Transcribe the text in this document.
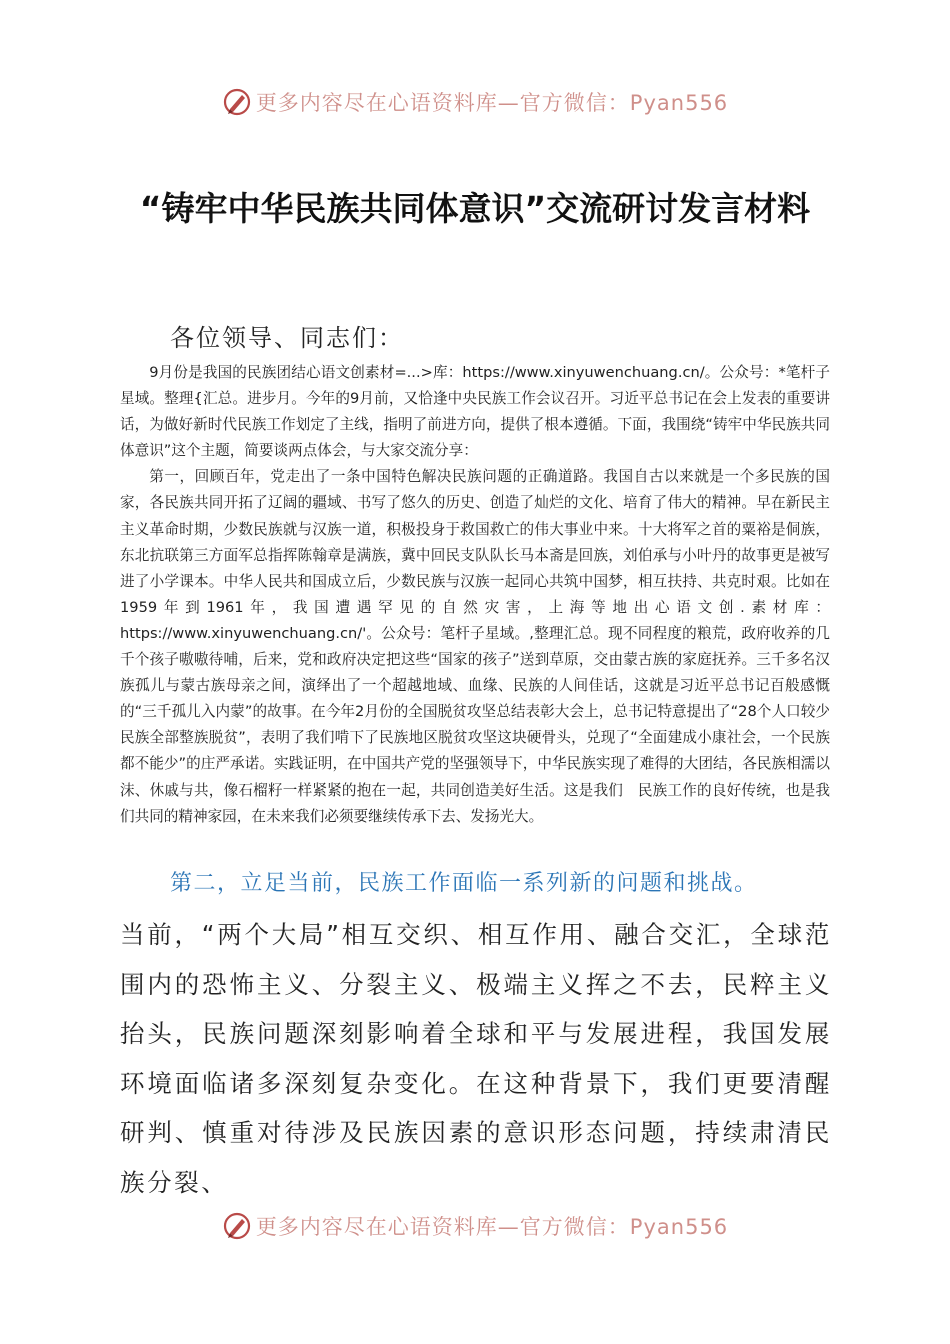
更多内容尽在心语资料库—官方微信：Pyan556
“铸牢中华民族共同体意识”交流研讨发言材料
各位领导、同志们：

9月份是我国的民族团结心语文创素材=...>库：https://www.xinyuwenchuang.cn/。公众号：*笔杆子星域。整理{汇总。进步月。今年的9月前，又恰逢中央民族工作会议召开。习近平总书记在会上发表的重要讲话，为做好新时代民族工作划定了主线，指明了前进方向，提供了根本遵循。下面，我围绕“铸牢中华民族共同体意识”这个主题，简要谈两点体会，与大家交流分享：

第一，回顾百年，党走出了一条中国特色解决民族问题的正确道路。我国自古以来就是一个多民族的国家，各民族共同开拓了辽阔的疆域、书写了悠久的历史、创造了灿烂的文化、培育了伟大的精神。早在新民主主义革命时期，少数民族就与汉族一道，积极投身于救国救亡的伟大事业中来。十大将军之首的粟裕是侗族，东北抗联第三方面军总指挥陈翰章是满族，冀中回民支队队长马本斋是回族，刘伯承与小叶丹的故事更是被写进了小学课本。中华人民共和国成立后，少数民族与汉族一起同心共筑中国梦，相互扶持、共克时艰。比如在1959年到1961年，我国遭遇罕见的自然灾害，上海等地出心语文创.素材库：https://www.xinyuwenchuang.cn/'。公众号：笔杆子星域。,整理汇总。现不同程度的粮荒，政府收养的几千个孩子嗷嗷待哺，后来，党和政府决定把这些“国家的孩子”送到草原，交由蒙古族的家庭抚养。三千多名汉族孤儿与蒙古族母亲之间，演绎出了一个超越地域、血缘、民族的人间佳话，这就是习近平总书记百般感慨的“三千孤儿入内蒙”的故事。在今年2月份的全国脱贫攻坚总结表彰大会上，总书记特意提出了“28个人口较少民族全部整族脱贫”，表明了我们啃下了民族地区脱贫攻坚这块硬骨头，兑现了“全面建成小康社会，一个民族都不能少”的庄严承诺。实践证明，在中国共产党的坚强领导下，中华民族实现了难得的大团结，各民族相濡以沫、休戚与共，像石榴籽一样紧紧的抱在一起，共同创造美好生活。这是我们　民族工作的良好传统，也是我们共同的精神家园，在未来我们必须要继续传承下去、发扬光大。

第二，立足当前，民族工作面临一系列新的问题和挑战。
当前，“两个大局”相互交织、相互作用、融合交汇，全球范围内的恐怖主义、分裂主义、极端主义挥之不去，民粹主义抬头，民族问题深刻影响着全球和平与发展进程，我国发展环境面临诸多深刻复杂变化。在这种背景下，我们更要清醒研判、慎重对待涉及民族因素的意识形态问题，持续肃清民族分裂、
更多内容尽在心语资料库—官方微信：Pyan556
